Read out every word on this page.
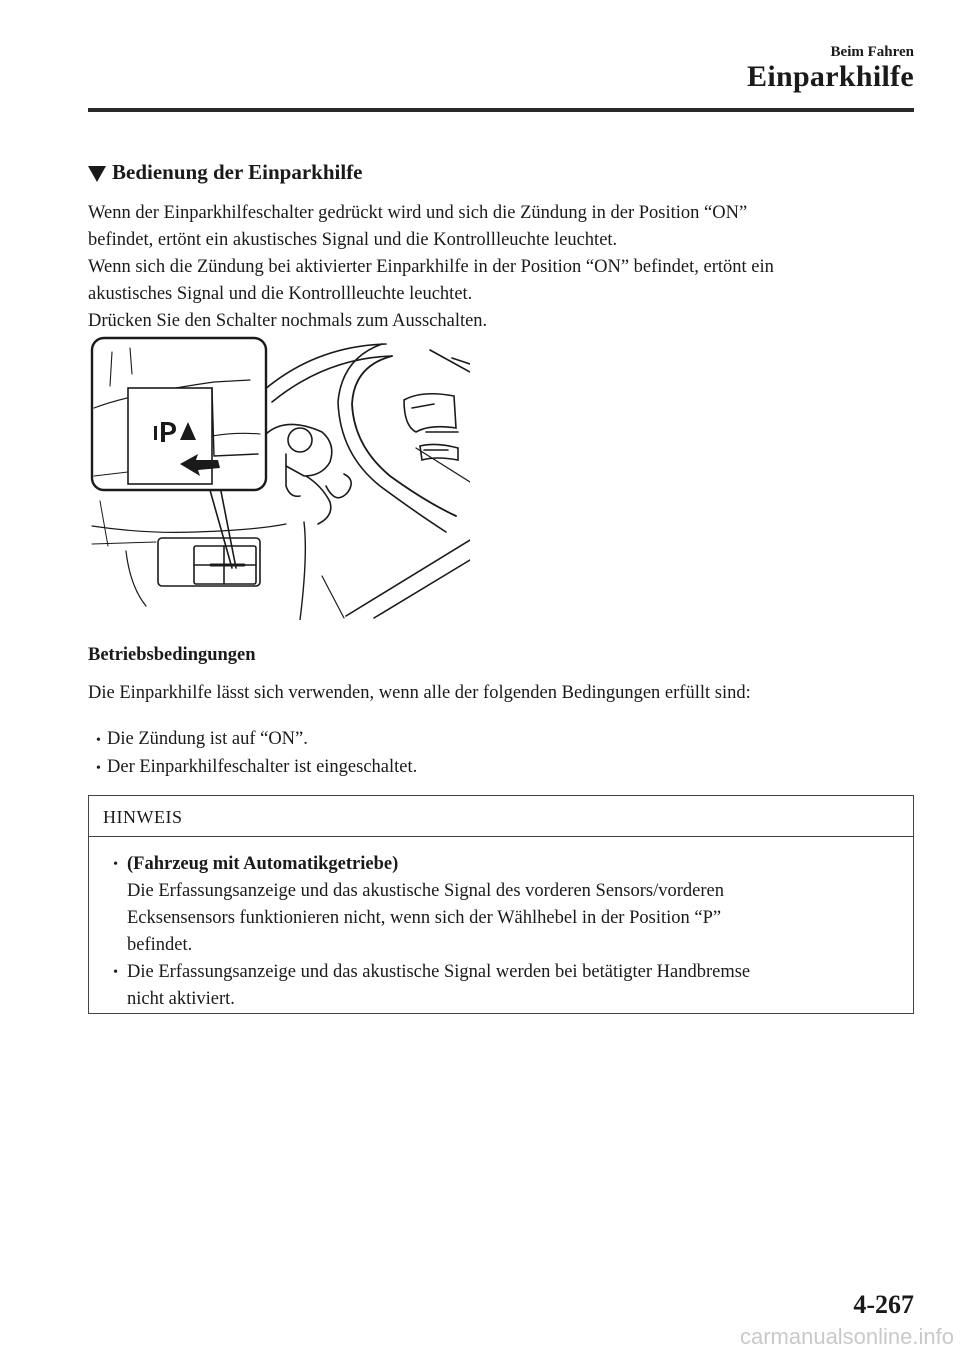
Beim Fahren
Einparkhilfe
Bedienung der Einparkhilfe
Wenn der Einparkhilfeschalter gedrückt wird und sich die Zündung in der Position “ON”
befindet, ertönt ein akustisches Signal und die Kontrollleuchte leuchtet.
Wenn sich die Zündung bei aktivierter Einparkhilfe in der Position “ON” befindet, ertönt ein
akustisches Signal und die Kontrollleuchte leuchtet.
Drücken Sie den Schalter nochmals zum Ausschalten.
Betriebsbedingungen
Die Einparkhilfe lässt sich verwenden, wenn alle der folgenden Bedingungen erfüllt sind:
• Die Zündung ist auf “ON”.
• Der Einparkhilfeschalter ist eingeschaltet.
HINWEIS
• (Fahrzeug mit Automatikgetriebe)
Die Erfassungsanzeige und das akustische Signal des vorderen Sensors/vorderen
Ecksensensors funktionieren nicht, wenn sich der Wählhebel in der Position “P”
befindet.
• Die Erfassungsanzeige und das akustische Signal werden bei betätigter Handbremse
nicht aktiviert.
4-267
carmanualsonline.info
